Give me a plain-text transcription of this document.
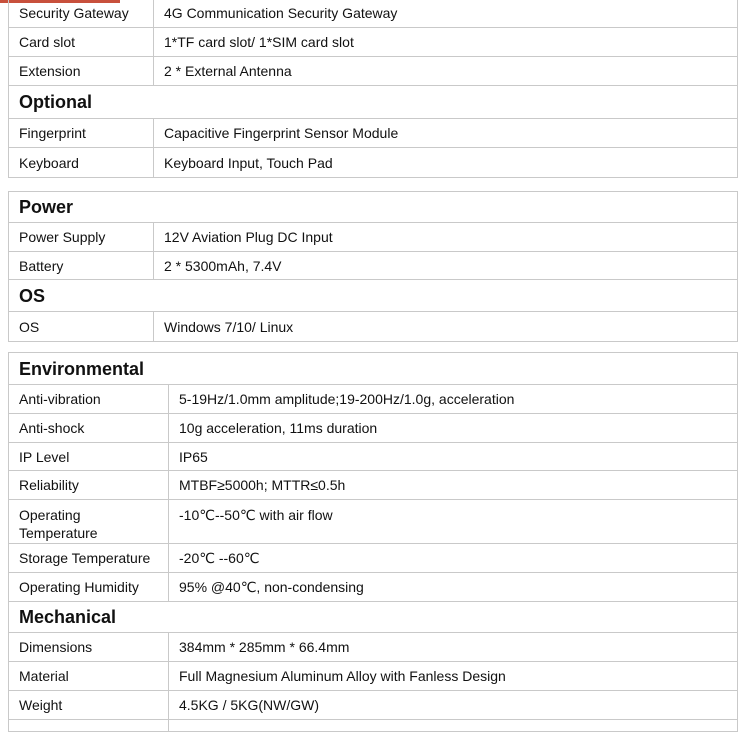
Security Gateway	4G Communication Security Gateway
Card slot	1*TF card slot/ 1*SIM card slot
Extension	2 * External Antenna
Optional	
Fingerprint	Capacitive Fingerprint Sensor Module
Keyboard	Keyboard Input, Touch Pad
Power	
Power Supply	12V Aviation Plug DC Input
Battery	2 * 5300mAh, 7.4V
OS	
OS	Windows 7/10/ Linux
Environmental	
Anti-vibration	5-19Hz/1.0mm amplitude;19-200Hz/1.0g, acceleration
Anti-shock	10g acceleration, 11ms duration
IP Level	IP65
Reliability	MTBF≥5000h; MTTR≤0.5h
Operating Temperature	-10℃--50℃ with air flow
Storage Temperature	-20℃ --60℃
Operating Humidity	95% @40℃, non-condensing
Mechanical	
Dimensions	384mm * 285mm * 66.4mm
Material	Full Magnesium Aluminum Alloy with Fanless Design
Weight	4.5KG / 5KG(NW/GW)
